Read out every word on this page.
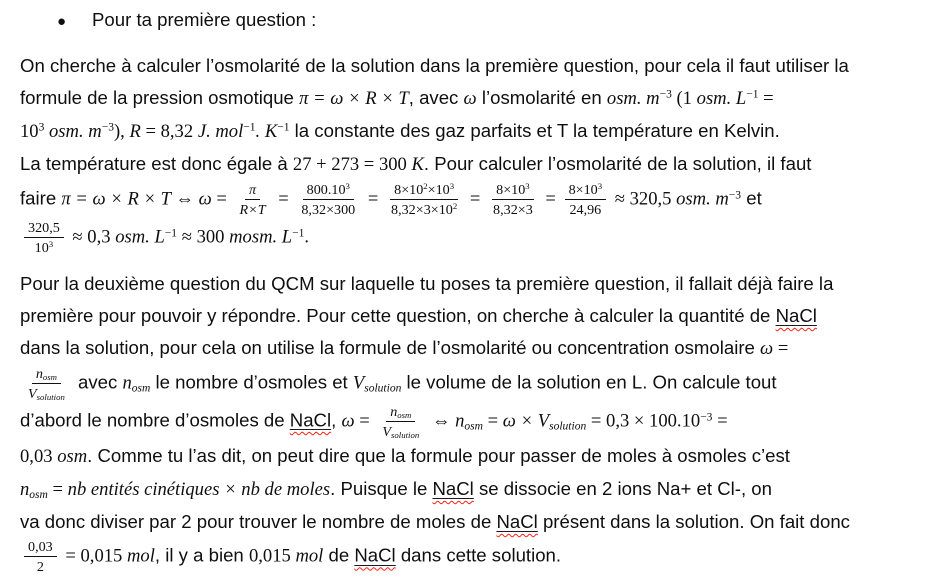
●	Pour ta première question :
On cherche à calculer l’osmolarité de la solution dans la première question, pour cela il faut utiliser la
formule de la pression osmotique π = ω × R × T, avec ω l’osmolarité en osm. $m^{-3}$ (1 osm. $L^{-1}$ =
$10^3$ osm. $m^{-3}$), R = 8,32 J. mol$^{-1}$. $K^{-1}$ la constante des gaz parfaits et T la température en Kelvin.
La température est donc égale à 27 + 273 = 300 K. Pour calculer l’osmolarité de la solution, il faut
faire π = ω × R × T ⇔ $\omega = \frac{\pi}{R\times T} = \frac{800.10^3}{8,32\times 300} = \frac{8\times 10^2\times 10^3}{8,32\times 3\times 10^2} = \frac{8\times 10^3}{8,32\times 3} = \frac{8\times 10^3}{24,96} \approx 320,5$ osm. $m^{-3}$ et
$\frac{320,5}{10^3} \approx 0,3$ osm. $L^{-1} \approx 300$ mosm. $L^{-1}$.
Pour la deuxième question du QCM sur laquelle tu poses ta première question, il fallait déjà faire la
première pour pouvoir y répondre. Pour cette question, on cherche à calculer la quantité de NaCl
dans la solution, pour cela on utilise la formule de l’osmolarité ou concentration osmolaire ω =
$\frac{n_{osm}}{V_{solution}}$ avec $n_{osm}$ le nombre d’osmoles et $V_{solution}$ le volume de la solution en L. On calcule tout
d’abord le nombre d’osmoles de NaCl, $\omega = \frac{n_{osm}}{V_{solution}}$ ⇔ $n_{osm} = \omega \times V_{solution} = 0,3 \times 100.10^{-3}$ =
0,03 osm. Comme tu l’as dit, on peut dire que la formule pour passer de moles à osmoles c’est
$n_{osm}$ = nb entités cinétiques × nb de moles. Puisque le NaCl se dissocie en 2 ions Na+ et Cl-, on
va donc diviser par 2 pour trouver le nombre de moles de NaCl présent dans la solution. On fait donc
$\frac{0,03}{2} = 0,015$ mol, il y a bien 0,015 mol de NaCl dans cette solution.
